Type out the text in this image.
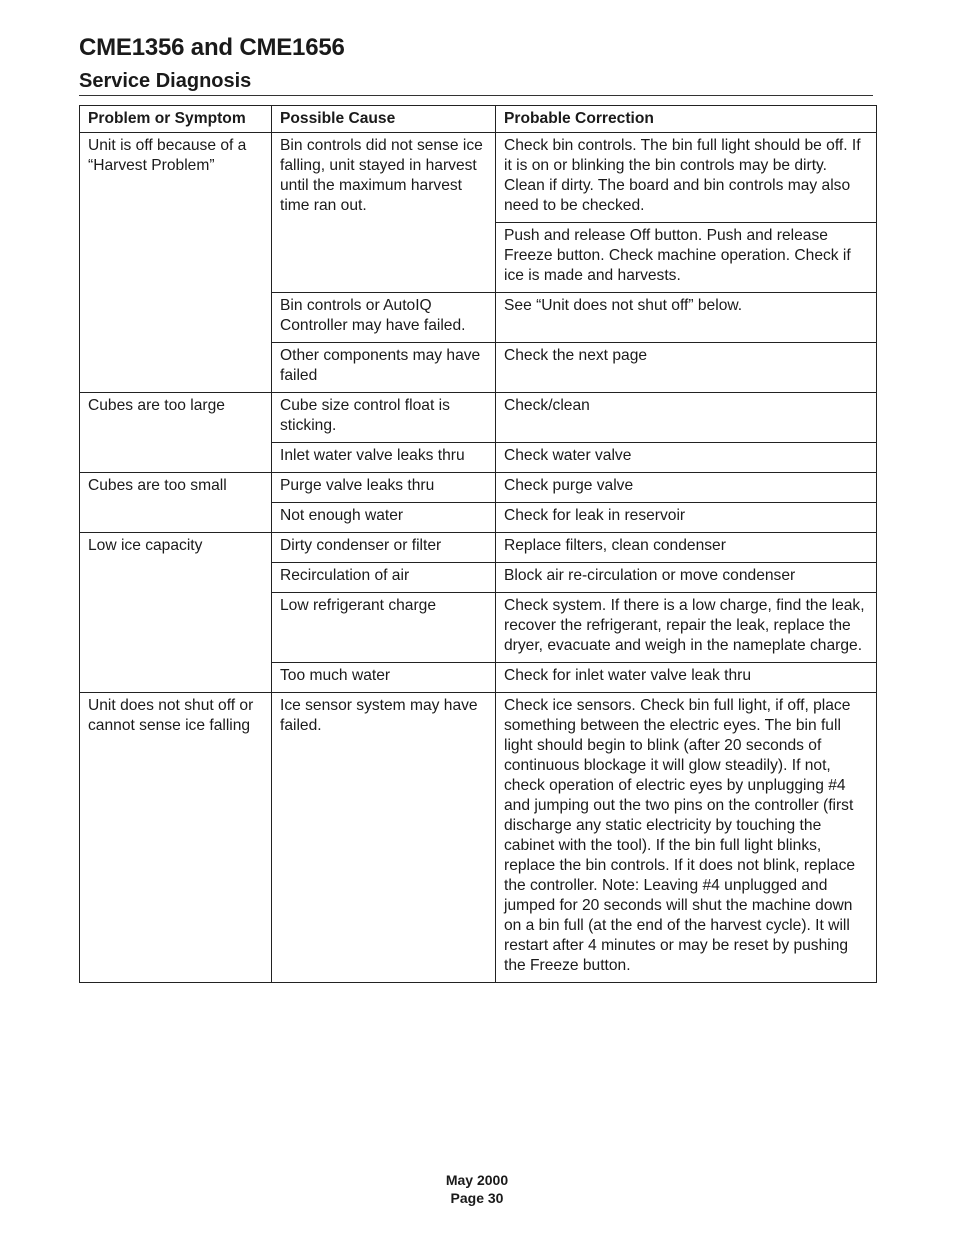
CME1356 and CME1656
Service Diagnosis
Problem or Symptom	Possible Cause	Probable Correction
Unit is off because of a “Harvest Problem”	Bin controls did not sense ice falling, unit stayed in harvest until the maximum harvest time ran out.	Check bin controls. The bin full light should be off. If it is on or blinking the bin controls may be dirty. Clean if dirty. The board and bin controls may also need to be checked.
		Push and release Off button. Push and release Freeze button. Check machine operation. Check if ice is made and harvests.
	Bin controls or AutoIQ Controller may have failed.	See “Unit does not shut off” below.
	Other components may have failed	Check the next page
Cubes are too large	Cube size control float is sticking.	Check/clean
	Inlet water valve leaks thru	Check water valve
Cubes are too small	Purge valve leaks thru	Check purge valve
	Not enough water	Check for leak in reservoir
Low ice capacity	Dirty condenser or filter	Replace filters, clean condenser
	Recirculation of air	Block air re-circulation or move condenser
	Low refrigerant charge	Check system. If there is a low charge, find the leak, recover the refrigerant, repair the leak, replace the dryer, evacuate and weigh in the nameplate charge.
	Too much water	Check for inlet water valve leak thru
Unit does not shut off or cannot sense ice falling	Ice sensor system may have failed.	Check ice sensors. Check bin full light, if off, place something between the electric eyes. The bin full light should begin to blink (after 20 seconds of continuous blockage it will glow steadily). If not, check operation of electric eyes by unplugging #4 and jumping out the two pins on the controller (first discharge any static electricity by touching the cabinet with the tool). If the bin full light blinks, replace the bin controls. If it does not blink, replace the controller. Note: Leaving #4 unplugged and jumped for 20 seconds will shut the machine down on a bin full (at the end of the harvest cycle). It will restart after 4 minutes or may be reset by pushing the Freeze button.
May 2000
Page 30
